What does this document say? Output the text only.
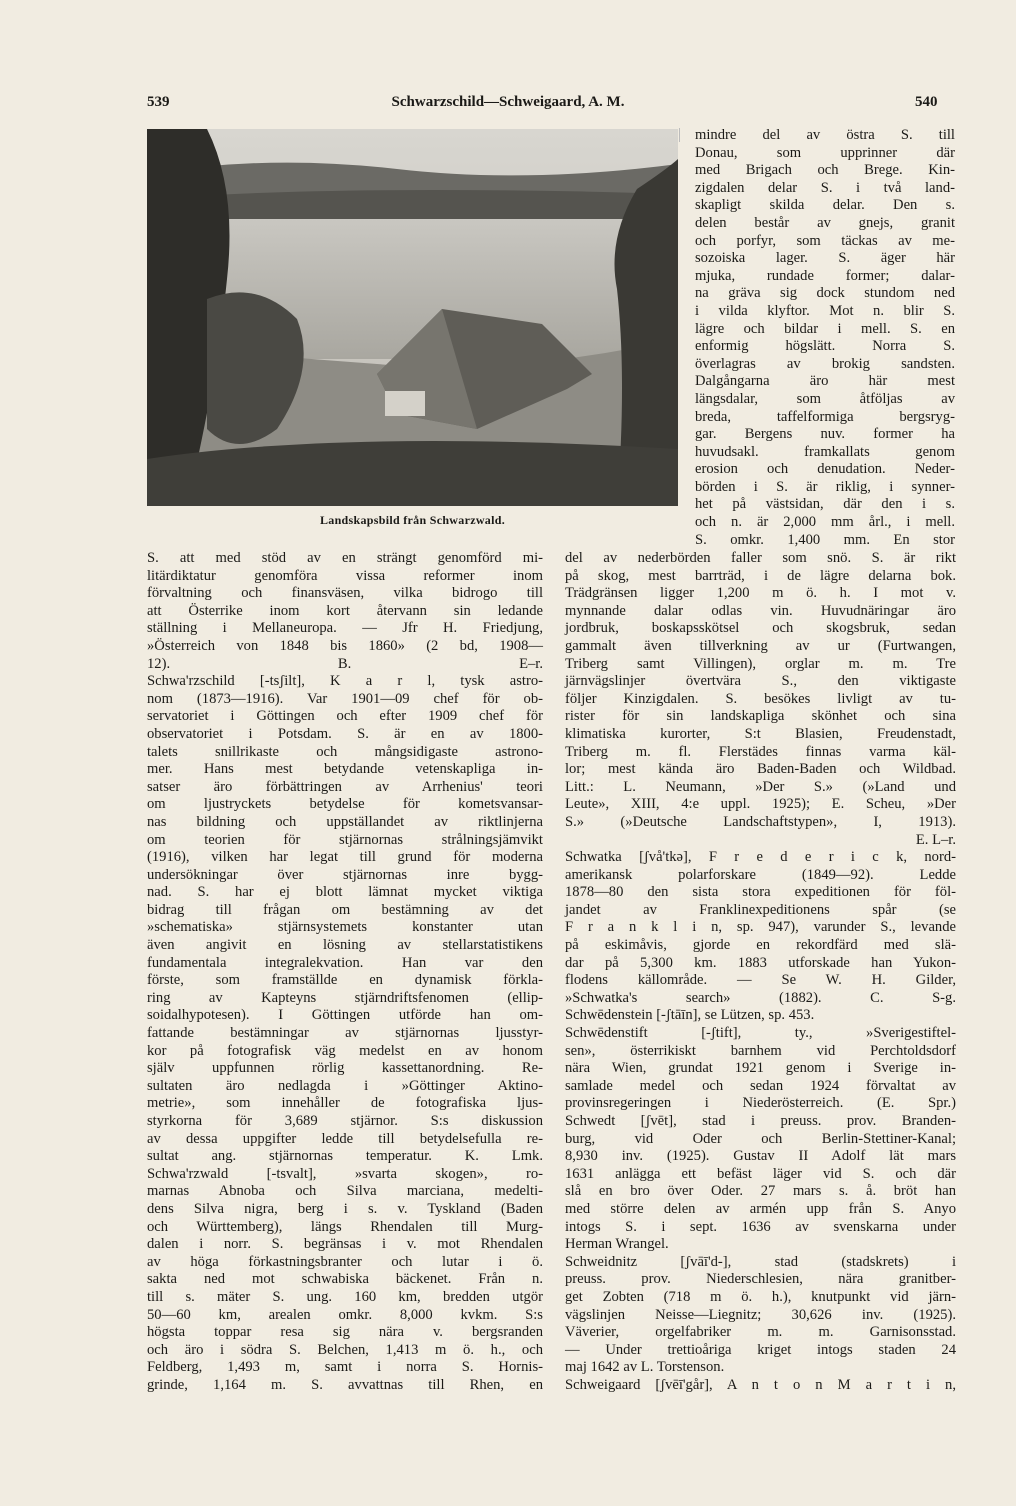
539	Schwarzschild—Schweigaard, A. M.	540
Landskapsbild från Schwarzwald.
mindre del av östra S. till
Donau, som upprinner där
med Brigach och Brege. Kin-
zigdalen delar S. i två land-
skapligt skilda delar. Den s.
delen består av gnejs, granit
och porfyr, som täckas av me-
sozoiska lager. S. äger här
mjuka, rundade former; dalar-
na gräva sig dock stundom ned
i vilda klyftor. Mot n. blir S.
lägre och bildar i mell. S. en
enformig högslätt. Norra S.
överlagras av brokig sandsten.
Dalgångarna äro här mest
längsdalar, som åtföljas av
breda, taffelformiga bergsryg-
gar. Bergens nuv. former ha
huvudsakl. framkallats genom
erosion och denudation. Neder-
börden i S. är riklig, i synner-
het på västsidan, där den i s.
och n. är 2,000 mm årl., i mell.
S. omkr. 1,400 mm. En stor
del av nederbörden faller som snö. S. är rikt
på skog, mest barrträd, i de lägre delarna bok.
Trädgränsen ligger 1,200 m ö. h. I mot v.
mynnande dalar odlas vin. Huvudnäringar äro
jordbruk, boskapsskötsel och skogsbruk, sedan
gammalt även tillverkning av ur (Furtwangen,
Triberg samt Villingen), orglar m. m. Tre
järnvägslinjer övertvära S., den viktigaste
följer Kinzigdalen. S. besökes livligt av tu-
rister för sin landskapliga skönhet och sina
klimatiska kurorter, S:t Blasien, Freudenstadt,
Triberg m. fl. Flerstädes finnas varma käl-
lor; mest kända äro Baden-Baden och Wildbad.
Litt.: L. Neumann, »Der S.» (»Land und
Leute», XIII, 4:e uppl. 1925); E. Scheu, »Der
S.» (»Deutsche Landschaftstypen», I, 1913).
E. L–r.
Schwatka [ʃvå'tkə], F r e d e r i c k, nord-
amerikansk polarforskare (1849—92). Ledde
1878—80 den sista stora expeditionen för föl-
jandet av Franklinexpeditionens spår (se
F r a n k l i n, sp. 947), varunder S., levande
på eskimåvis, gjorde en rekordfärd med slä-
dar på 5,300 km. 1883 utforskade han Yukon-
flodens källområde. — Se W. H. Gilder,
»Schwatka's search» (1882). C. S-g.
Schwēdenstein [-ʃtāīn], se Lützen, sp. 453.
Schwēdenstift [-ʃtift], ty., »Sverigestiftel-
sen», österrikiskt barnhem vid Perchtoldsdorf
nära Wien, grundat 1921 genom i Sverige in-
samlade medel och sedan 1924 förvaltat av
provinsregeringen i Niederösterreich. (E. Spr.)
Schwedt [ʃvēt], stad i preuss. prov. Branden-
burg, vid Oder och Berlin-Stettiner-Kanal;
8,930 inv. (1925). Gustav II Adolf lät mars
1631 anlägga ett befäst läger vid S. och där
slå en bro över Oder. 27 mars s. å. bröt han
med större delen av armén upp från S. Anyo
intogs S. i sept. 1636 av svenskarna under
Herman Wrangel.
Schweidnitz [ʃvāī'd-], stad (stadskrets) i
preuss. prov. Niederschlesien, nära granitber-
get Zobten (718 m ö. h.), knutpunkt vid järn-
vägslinjen Neisse—Liegnitz; 30,626 inv. (1925).
Väverier, orgelfabriker m. m. Garnisonsstad.
— Under trettioåriga kriget intogs staden 24
maj 1642 av L. Torstenson.
Schweigaard [ʃvēī'går], A n t o n M a r t i n,
S. att med stöd av en strängt genomförd mi-
litärdiktatur genomföra vissa reformer inom
förvaltning och finansväsen, vilka bidrogo till
att Österrike inom kort återvann sin ledande
ställning i Mellaneuropa. — Jfr H. Friedjung,
»Österreich von 1848 bis 1860» (2 bd, 1908—
12). B. E–r.
Schwa'rzschild [-tsʃilt], K a r l, tysk astro-
nom (1873—1916). Var 1901—09 chef för ob-
servatoriet i Göttingen och efter 1909 chef för
observatoriet i Potsdam. S. är en av 1800-
talets snillrikaste och mångsidigaste astrono-
mer. Hans mest betydande vetenskapliga in-
satser äro förbättringen av Arrhenius' teori
om ljustryckets betydelse för kometsvansar-
nas bildning och uppställandet av riktlinjerna
om teorien för stjärnornas strålningsjämvikt
(1916), vilken har legat till grund för moderna
undersökningar över stjärnornas inre bygg-
nad. S. har ej blott lämnat mycket viktiga
bidrag till frågan om bestämning av det
»schematiska» stjärnsystemets konstanter utan
även angivit en lösning av stellarstatistikens
fundamentala integralekvation. Han var den
förste, som framställde en dynamisk förkla-
ring av Kapteyns stjärndriftsfenomen (ellip-
soidalhypotesen). I Göttingen utförde han om-
fattande bestämningar av stjärnornas ljusstyr-
kor på fotografisk väg medelst en av honom
själv uppfunnen rörlig kassettanordning. Re-
sultaten äro nedlagda i »Göttinger Aktino-
metrie», som innehåller de fotografiska ljus-
styrkorna för 3,689 stjärnor. S:s diskussion
av dessa uppgifter ledde till betydelsefulla re-
sultat ang. stjärnornas temperatur. K. Lmk.
Schwa'rzwald [-tsvalt], »svarta skogen», ro-
marnas Abnoba och Silva marciana, medelti-
dens Silva nigra, berg i s. v. Tyskland (Baden
och Württemberg), längs Rhendalen till Murg-
dalen i norr. S. begränsas i v. mot Rhendalen
av höga förkastningsbranter och lutar i ö.
sakta ned mot schwabiska bäckenet. Från n.
till s. mäter S. ung. 160 km, bredden utgör
50—60 km, arealen omkr. 8,000 kvkm. S:s
högsta toppar resa sig nära v. bergsranden
och äro i södra S. Belchen, 1,413 m ö. h., och
Feldberg, 1,493 m, samt i norra S. Hornis-
grinde, 1,164 m. S. avvattnas till Rhen, en
